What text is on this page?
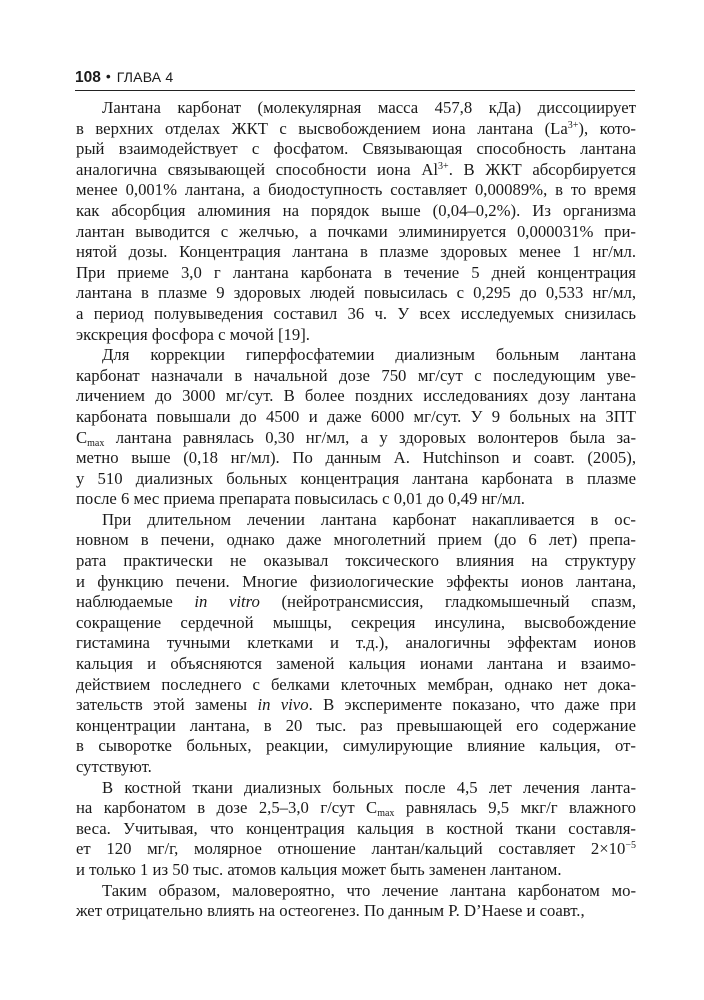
108 • ГЛАВА 4
Лантана карбонат (молекулярная масса 457,8 кДа) диссоциирует
в верхних отделах ЖКТ с высвобождением иона лантана $(La^{3+})$, кото-
рый взаимодействует с фосфатом. Связывающая способность лантана
аналогична связывающей способности иона $Al^{3+}$. В ЖКТ абсорбируется
менее 0,001% лантана, а биодоступность составляет 0,00089%, в то время
как абсорбция алюминия на порядок выше (0,04–0,2%). Из организма
лантан выводится с желчью, а почками элиминируется 0,000031% при-
нятой дозы. Концентрация лантана в плазме здоровых менее 1 нг/мл.
При приеме 3,0 г лантана карбоната в течение 5 дней концентрация
лантана в плазме 9 здоровых людей повысилась с 0,295 до 0,533 нг/мл,
а период полувыведения составил 36 ч. У всех исследуемых снизилась
экскреция фосфора с мочой [19].
Для коррекции гиперфосфатемии диализным больным лантана
карбонат назначали в начальной дозе 750 мг/сут с последующим уве-
личением до 3000 мг/сут. В более поздних исследованиях дозу лантана
карбоната повышали до 4500 и даже 6000 мг/сут. У 9 больных на ЗПТ
$C_{max}$ лантана равнялась 0,30 нг/мл, а у здоровых волонтеров была за-
метно выше (0,18 нг/мл). По данным A. Hutchinson и соавт. (2005),
у 510 диализных больных концентрация лантана карбоната в плазме
после 6 мес приема препарата повысилась с 0,01 до 0,49 нг/мл.
При длительном лечении лантана карбонат накапливается в ос-
новном в печени, однако даже многолетний прием (до 6 лет) препа-
рата практически не оказывал токсического влияния на структуру
и функцию печени. Многие физиологические эффекты ионов лантана,
наблюдаемые in vitro (нейротрансмиссия, гладкомышечный спазм,
сокращение сердечной мышцы, секреция инсулина, высвобождение
гистамина тучными клетками и т.д.), аналогичны эффектам ионов
кальция и объясняются заменой кальция ионами лантана и взаимо-
действием последнего с белками клеточных мембран, однако нет дока-
зательств этой замены in vivo. В эксперименте показано, что даже при
концентрации лантана, в 20 тыс. раз превышающей его содержание
в сыворотке больных, реакции, симулирующие влияние кальция, от-
сутствуют.
В костной ткани диализных больных после 4,5 лет лечения ланта-
на карбонатом в дозе 2,5–3,0 г/сут $C_{max}$ равнялась 9,5 мкг/г влажного
веса. Учитывая, что концентрация кальция в костной ткани составля-
ет 120 мг/г, молярное отношение лантан/кальций составляет $2\times 10^{-5}$
и только 1 из 50 тыс. атомов кальция может быть заменен лантаном.
Таким образом, маловероятно, что лечение лантана карбонатом мо-
жет отрицательно влиять на остеогенез. По данным P. D’Haese и соавт.,
